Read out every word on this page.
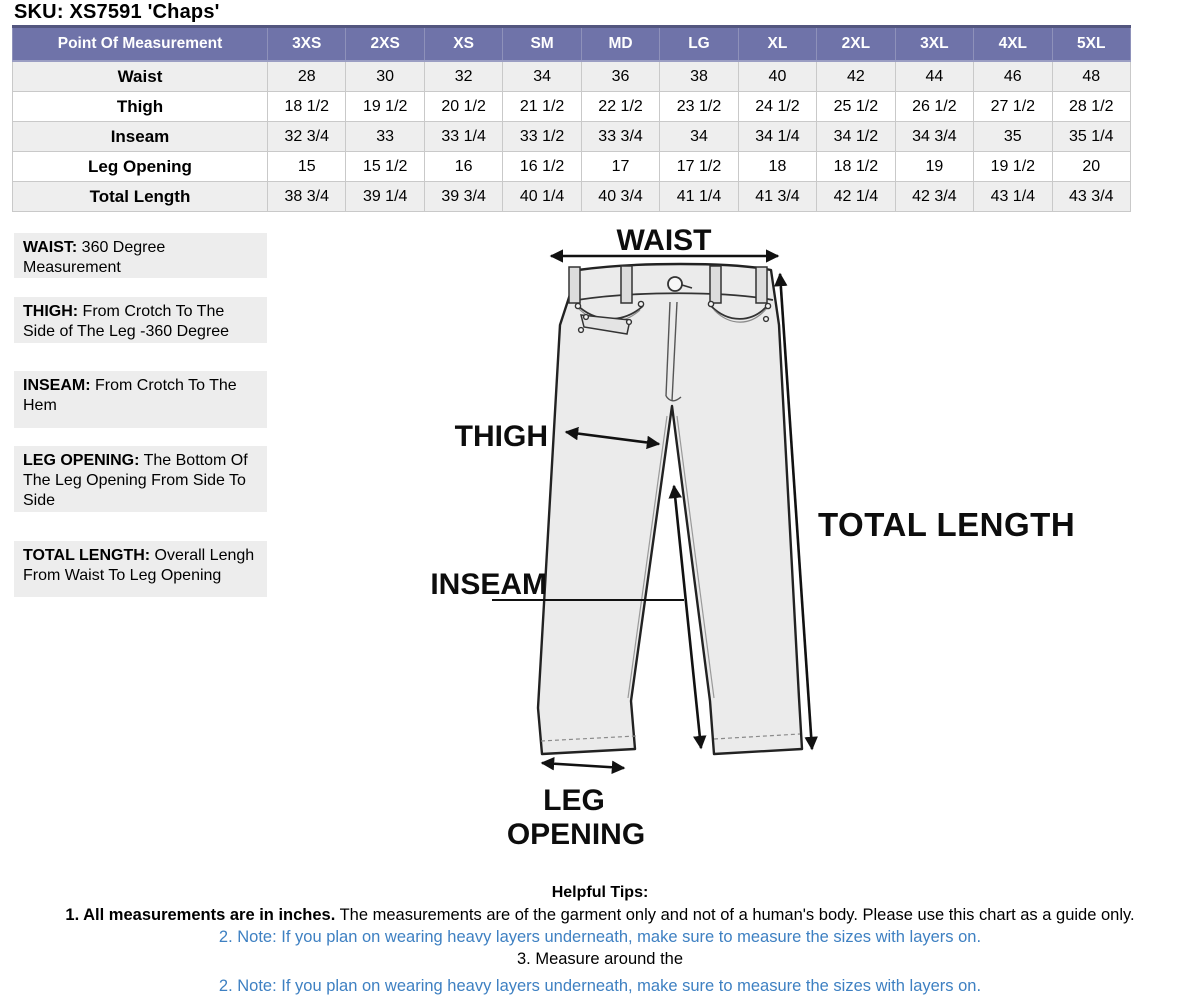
SKU: XS7591 'Chaps'
Point Of Measurement	3XS	2XS	XS	SM	MD	LG	XL	2XL	3XL	4XL	5XL
Waist	28	30	32	34	36	38	40	42	44	46	48
Thigh	18 1/2	19 1/2	20 1/2	21 1/2	22 1/2	23 1/2	24 1/2	25 1/2	26 1/2	27 1/2	28 1/2
Inseam	32 3/4	33	33 1/4	33 1/2	33 3/4	34	34 1/4	34 1/2	34 3/4	35	35 1/4
Leg Opening	15	15 1/2	16	16 1/2	17	17 1/2	18	18 1/2	19	19 1/2	20
Total Length	38 3/4	39 1/4	39 3/4	40 1/4	40 3/4	41 1/4	41 3/4	42 1/4	42 3/4	43 1/4	43 3/4
WAIST: 360 Degree Measurement
THIGH: From Crotch To The Side of The Leg -360 Degree
INSEAM: From Crotch To The Hem
LEG OPENING: The Bottom Of The Leg Opening From Side To Side
TOTAL LENGTH: Overall Lengh From Waist To Leg Opening
WAIST
THIGH
INSEAM
TOTAL LENGTH
LEG
OPENING
Helpful Tips:
1. All measurements are in inches. The measurements are of the garment only and not of a human's body. Please use this chart as a guide only.
2. Note: If you plan on wearing heavy layers underneath, make sure to measure the sizes with layers on.
3. Measure around the
2. Note: If you plan on wearing heavy layers underneath, make sure to measure the sizes with layers on.
